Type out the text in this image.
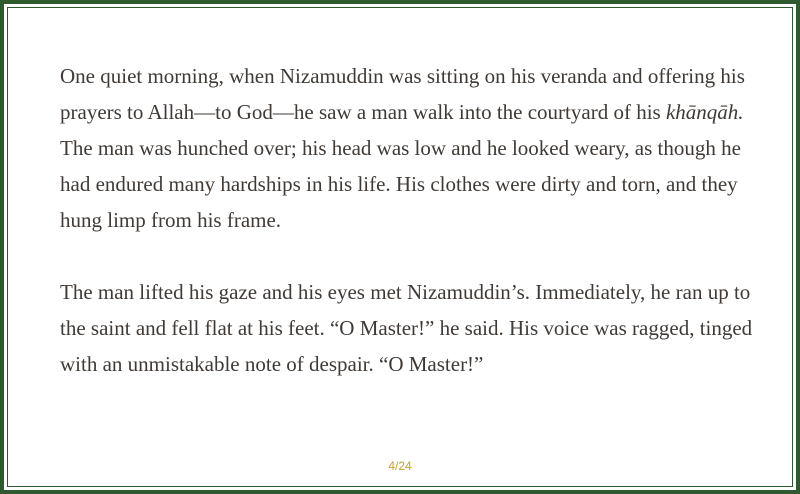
One quiet morning, when Nizamuddin was sitting on his veranda and offering his prayers to Allah—to God—he saw a man walk into the courtyard of his khānqāh. The man was hunched over; his head was low and he looked weary, as though he had endured many hardships in his life. His clothes were dirty and torn, and they hung limp from his frame.

The man lifted his gaze and his eyes met Nizamuddin’s. Immediately, he ran up to the saint and fell flat at his feet. “O Master!” he said. His voice was ragged, tinged with an unmistakable note of despair. “O Master!”

4/24
